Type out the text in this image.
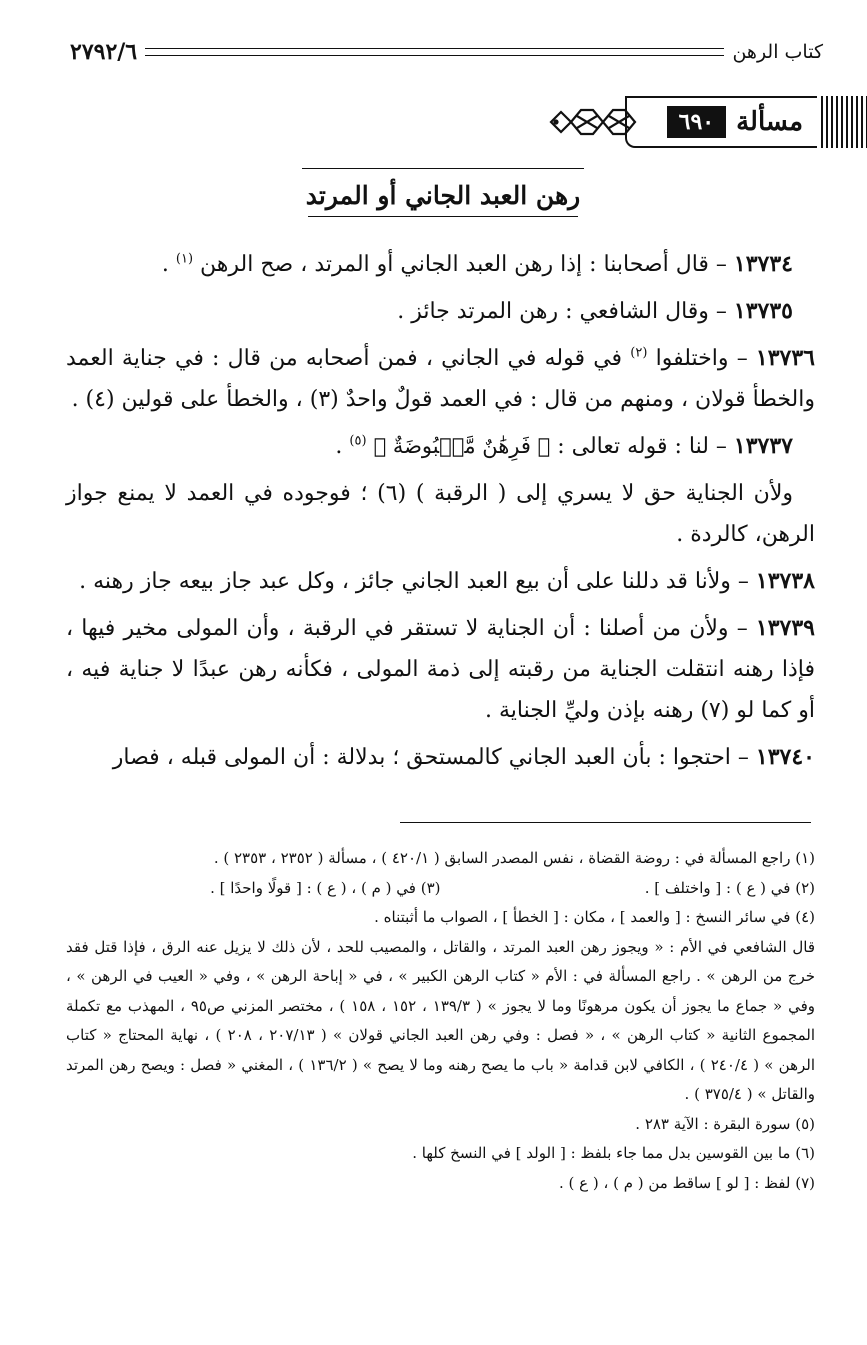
كتاب الرهن
٢٧٩٢/٦
مسألة
٦٩٠
رهن العبد الجاني أو المرتد

١٣٧٣٤ – قال أصحابنا : إذا رهن العبد الجاني أو المرتد ، صح الرهن $^{(١)}$ .

١٣٧٣٥ – وقال الشافعي : رهن المرتد جائز .

١٣٧٣٦ – واختلفوا $^{(٢)}$ في قوله في الجاني ، فمن أصحابه من قال : في جناية العمد والخطأ قولان ، ومنهم من قال : في العمد قولٌ واحدٌ (٣) ، والخطأ على قولين (٤) .

١٣٧٣٧ – لنا : قوله تعالى : ﴿ فَرِهَٰنٌ مَّقۡبُوضَةٌ ﴾ $^{(٥)}$ .

ولأن الجناية حق لا يسري إلى ( الرقبة ) (٦) ؛ فوجوده في العمد لا يمنع جواز الرهن، كالردة .

١٣٧٣٨ – ولأنا قد دللنا على أن بيع العبد الجاني جائز ، وكل عبد جاز بيعه جاز رهنه .

١٣٧٣٩ – ولأن من أصلنا : أن الجناية لا تستقر في الرقبة ، وأن المولى مخير فيها ، فإذا رهنه انتقلت الجناية من رقبته إلى ذمة المولى ، فكأنه رهن عبدًا لا جناية فيه ، أو كما لو (٧) رهنه بإذن وليِّ الجناية .

١٣٧٤٠ – احتجوا : بأن العبد الجاني كالمستحق ؛ بدلالة : أن المولى قبله ، فصار

(١) راجع المسألة في : روضة القضاة ، نفس المصدر السابق ( ٤٢٠/١ ) ، مسألة ( ٢٣٥٢ ، ٢٣٥٣ ) .

(٢) في ( ع ) : [ واختلف ] .

(٣) في ( م ) ، ( ع ) : [ قولًا واحدًا ] .

(٤) في سائر النسخ : [ والعمد ] ، مكان : [ الخطأ ] ، الصواب ما أثبتناه .

قال الشافعي في الأم : « ويجوز رهن العبد المرتد ، والقاتل ، والمصيب للحد ، لأن ذلك لا يزيل عنه الرق ، فإذا قتل فقد خرج من الرهن » . راجع المسألة في : الأم « كتاب الرهن الكبير » ، في « إباحة الرهن » ، وفي « العيب في الرهن » ، وفي « جماع ما يجوز أن يكون مرهونًا وما لا يجوز » ( ١٣٩/٣ ، ١٥٢ ، ١٥٨ ) ، مختصر المزني ص٩٥ ، المهذب مع تكملة المجموع الثانية « كتاب الرهن » ، « فصل : وفي رهن العبد الجاني قولان » ( ٢٠٧/١٣ ، ٢٠٨ ) ، نهاية المحتاج « كتاب الرهن » ( ٢٤٠/٤ ) ، الكافي لابن قدامة « باب ما يصح رهنه وما لا يصح » ( ١٣٦/٢ ) ، المغني « فصل : ويصح رهن المرتد والقاتل » ( ٣٧٥/٤ ) .

(٥) سورة البقرة : الآية ٢٨٣ .

(٦) ما بين القوسين بدل مما جاء بلفظ : [ الولد ] في النسخ كلها .

(٧) لفظ : [ لو ] ساقط من ( م ) ، ( ع ) .
